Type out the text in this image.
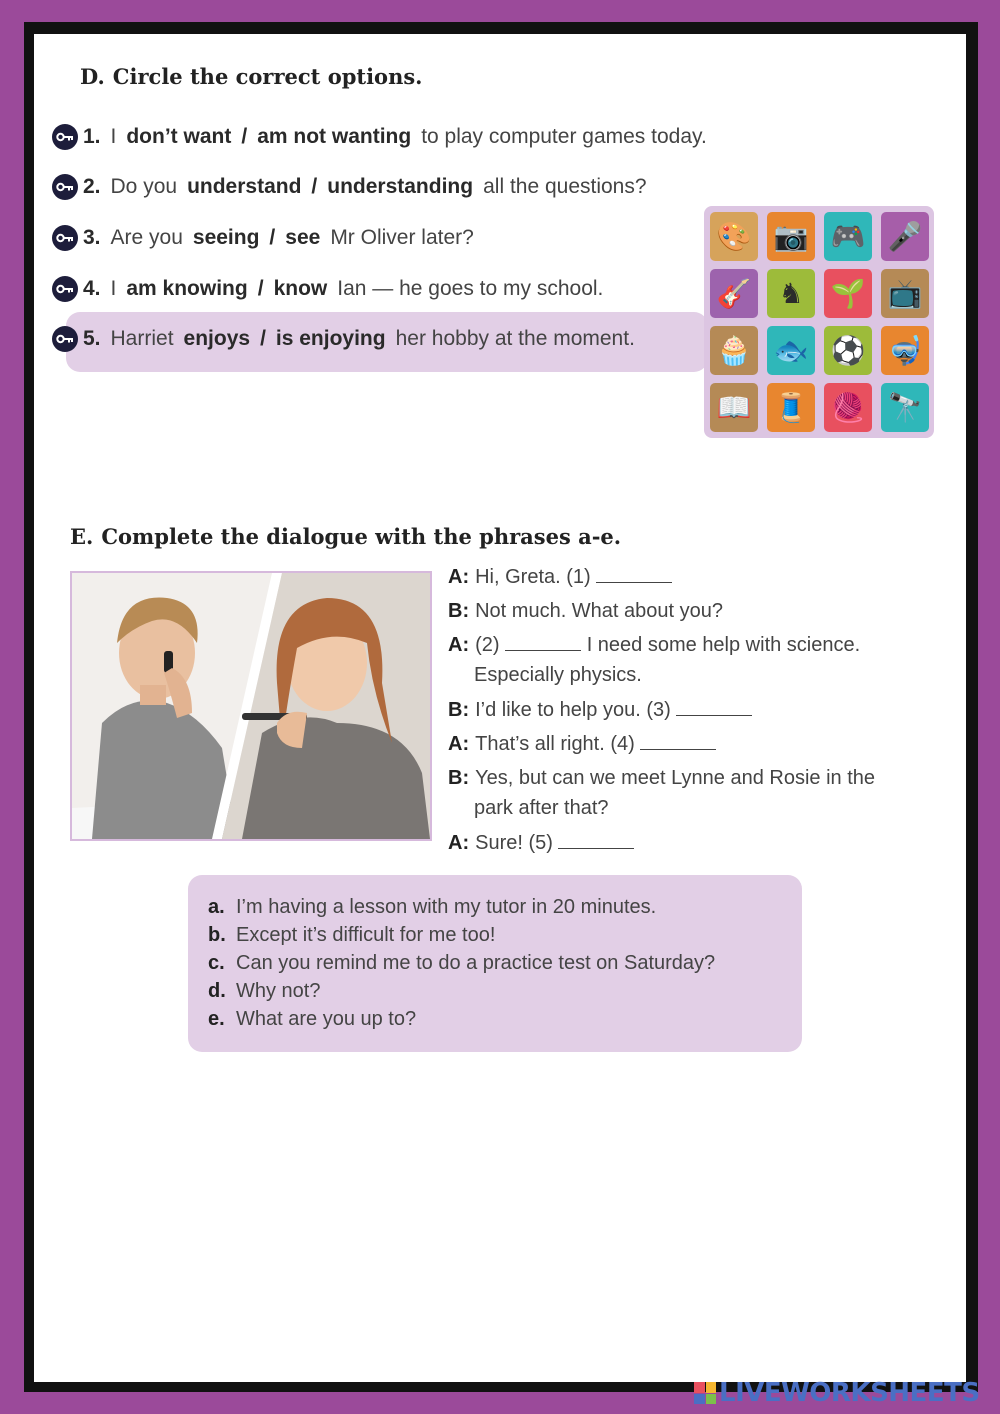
D. Circle the correct options.
1. I don’t want / am not wanting to play computer games today.
2. Do you understand / understanding all the questions?
3. Are you seeing / see Mr Oliver later?
4. I am knowing / know Ian — he goes to my school.
5. Harriet enjoys / is enjoying her hobby at the moment.
🎨 📷 🎮 🎤
🎸 ♞ 🌱 📺
🧁 🐟 ⚽ 🤿
📖 🧵 🧶 🔭
E. Complete the dialogue with the phrases a-e.
A: Hi, Greta. (1)
B: Not much. What about you?
A: (2)	I need some help with science.
Especially physics.
B: I’d like to help you. (3)
A: That’s all right. (4)
B: Yes, but can we meet Lynne and Rosie in the
park after that?
A: Sure! (5)
a. I’m having a lesson with my tutor in 20 minutes.
b. Except it’s difficult for me too!
c. Can you remind me to do a practice test on Saturday?
d. Why not?
e. What are you up to?
LIVEWORKSHEETS
